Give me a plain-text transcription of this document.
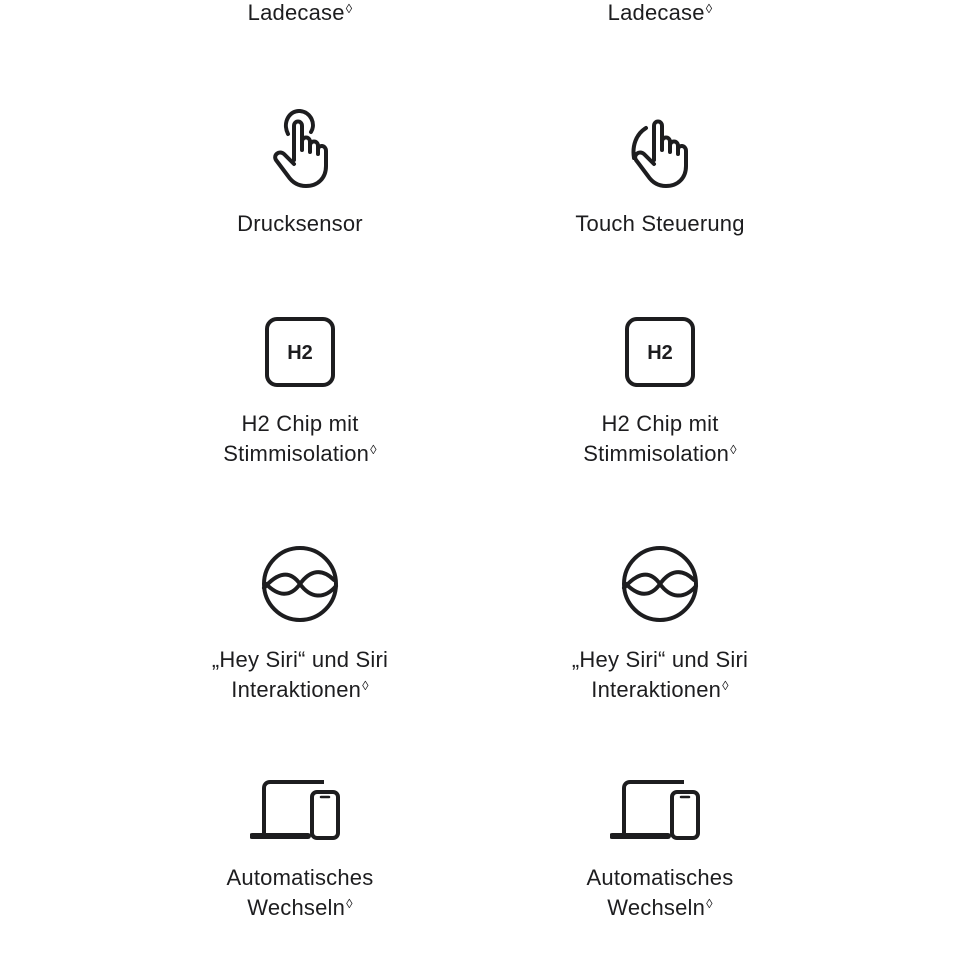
Ladecase◊
Drucksensor
H2
H2 Chip mit
Stimmisolation◊
„Hey Siri“ und Siri
Interaktionen◊
Automatisches
Wechseln◊
Ladecase◊
Touch Steuerung
H2
H2 Chip mit
Stimmisolation◊
„Hey Siri“ und Siri
Interaktionen◊
Automatisches
Wechseln◊
